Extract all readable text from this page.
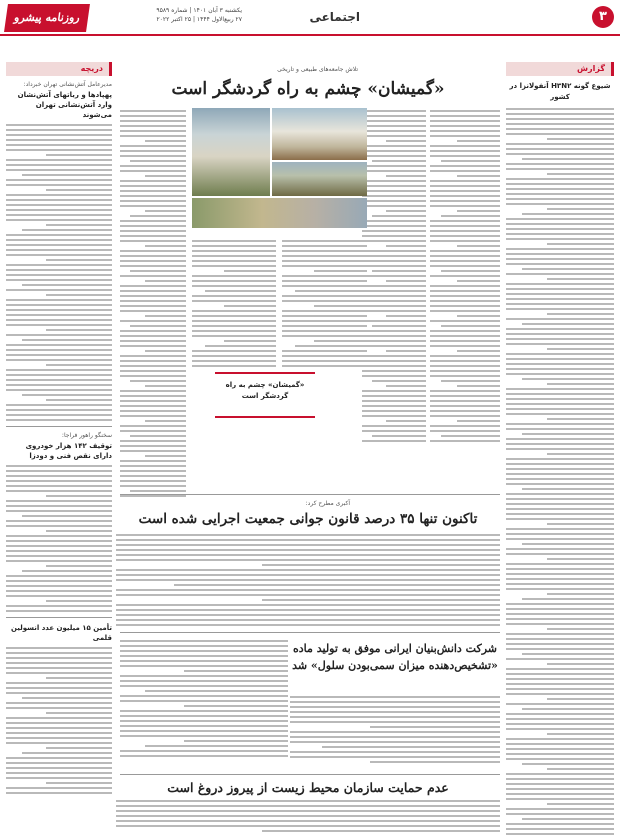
۳
اجتماعی
یکشنبه ۳ آبان ۱۴۰۱ | شماره ۹۵۸۹
۲۷ ربیع‌الاول ۱۴۴۴ | ۲۵ اکتبر ۲۰۲۲
روزنامه پیشرو
گزارش
شیوع گونه H۳N۲ آنفولانزا در کشور
دریچه
مدیرعامل آتش‌نشانی تهران خبرداد:
پهپادها و رباتهای آتش‌نشان وارد آتش‌نشانی تهران می‌شوند
سخنگو راهور فراجا:
توقیف ۱۴۲ هزار خودروی دارای نقص فنی و دودزا
تأمین ۱۵ میلیون عدد انسولین قلمی
تلاش جامعه‌های طبیعی و تاریخی
«گمیشان» چشم به راه گردشگر است
«گمیشان» چشم به راه گردشگر است
آکبری مطرح کرد:
تاکنون تنها ۳۵ درصد قانون جوانی جمعیت اجرایی شده است
شرکت دانش‌بنیان ایرانی موفق به تولید ماده «تشخیص‌دهنده میزان سمی‌بودن سلول» شد
عدم حمایت سازمان محیط زیست از پیروز دروغ است
